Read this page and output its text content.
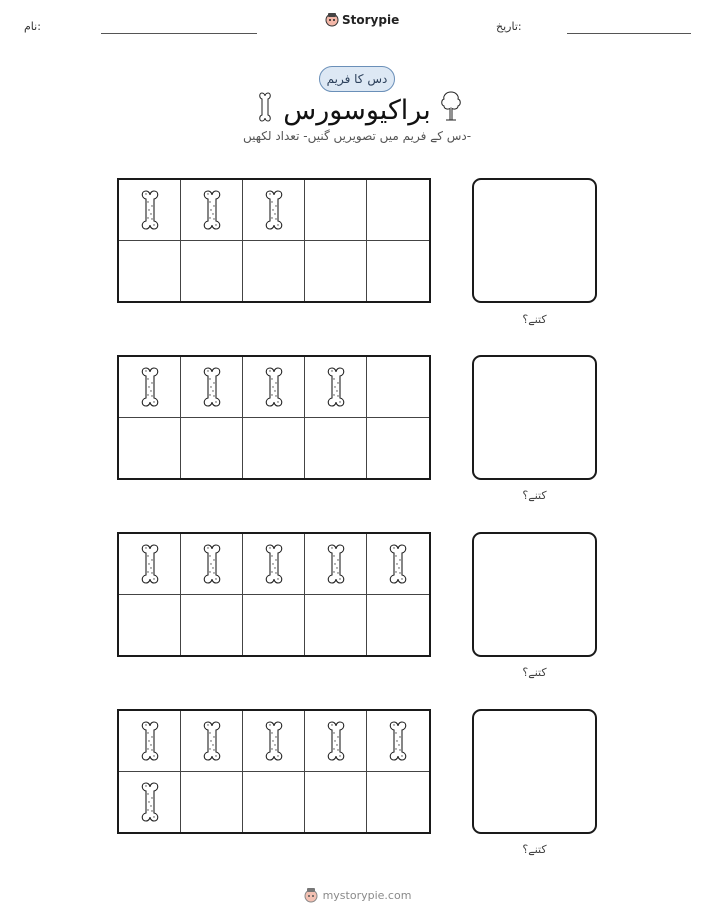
نام:	Storypie	تاریخ:
دس کا فریم
براکیوسورس
دس کے فریم میں تصویریں گنیں- تعداد لکھیں-
کتنے؟
کتنے؟
کتنے؟
کتنے؟
mystorypie.com
